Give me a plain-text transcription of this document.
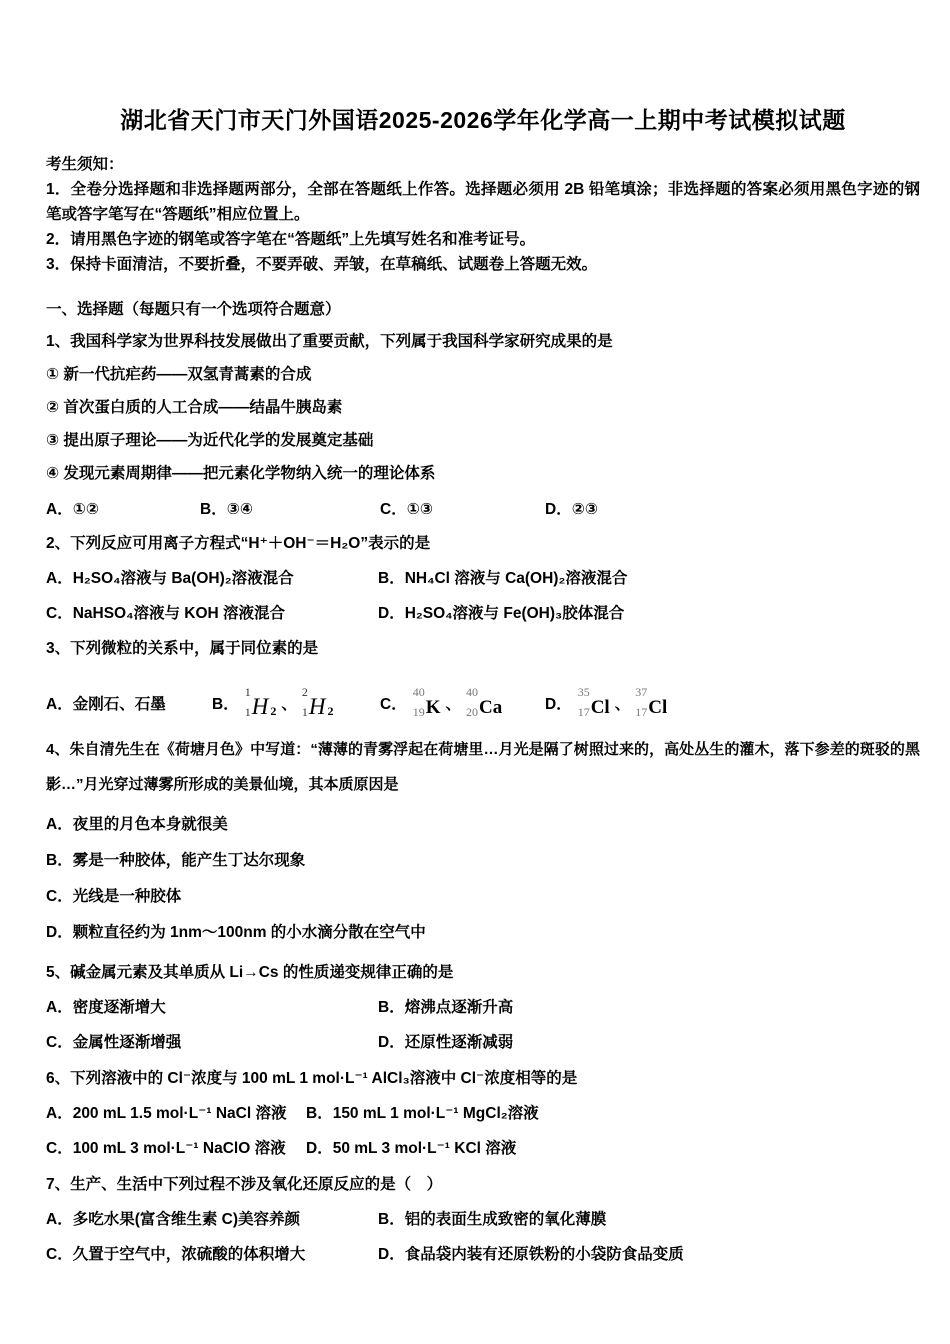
湖北省天门市天门外国语2025-2026学年化学高一上期中考试模拟试题
考生须知：
1．全卷分选择题和非选择题两部分，全部在答题纸上作答。选择题必须用 2B 铅笔填涂；非选择题的答案必须用黑色字迹的钢笔或答字笔写在“答题纸”相应位置上。
2．请用黑色字迹的钢笔或答字笔在“答题纸”上先填写姓名和准考证号。
3．保持卡面清洁，不要折叠，不要弄破、弄皱，在草稿纸、试题卷上答题无效。
一、选择题（每题只有一个选项符合题意）
1、我国科学家为世界科技发展做出了重要贡献，下列属于我国科学家研究成果的是
① 新一代抗疟药——双氢青蒿素的合成
② 首次蛋白质的人工合成——结晶牛胰岛素
③ 提出原子理论——为近代化学的发展奠定基础
④ 发现元素周期律——把元素化学物纳入统一的理论体系
A．①②	B．③④	C．①③	D．②③
2、下列反应可用离子方程式“H⁺＋OH⁻＝H₂O”表示的是
A．H₂SO₄溶液与 Ba(OH)₂溶液混合	B．NH₄Cl 溶液与 Ca(OH)₂溶液混合
C．NaHSO₄溶液与 KOH 溶液混合	D．H₂SO₄溶液与 Fe(OH)₃胶体混合
3、下列微粒的关系中，属于同位素的是
A．金刚石、石墨	B．
1
1 H 2 、
2
1 H 2	C．
40
19 K 、
40
20 Ca	D．
35
17 Cl 、
37
17 Cl
4、朱自清先生在《荷塘月色》中写道：“薄薄的青雾浮起在荷塘里…月光是隔了树照过来的，高处丛生的灌木，落下参差的斑驳的黑影…”月光穿过薄雾所形成的美景仙境，其本质原因是
A．夜里的月色本身就很美
B．雾是一种胶体，能产生丁达尔现象
C．光线是一种胶体
D．颗粒直径约为 1nm～100nm 的小水滴分散在空气中
5、碱金属元素及其单质从 Li→Cs 的性质递变规律正确的是
A．密度逐渐增大	B．熔沸点逐渐升高
C．金属性逐渐增强	D．还原性逐渐减弱
6、下列溶液中的 Cl⁻浓度与 100 mL 1 mol·L⁻¹ AlCl₃溶液中 Cl⁻浓度相等的是
A．200 mL 1.5 mol·L⁻¹ NaCl 溶液	B．150 mL 1 mol·L⁻¹ MgCl₂溶液
C．100 mL 3 mol·L⁻¹ NaClO 溶液	D．50 mL 3 mol·L⁻¹ KCl 溶液
7、生产、生活中下列过程不涉及氧化还原反应的是（　）
A．多吃水果(富含维生素 C)美容养颜	B．铝的表面生成致密的氧化薄膜
C．久置于空气中，浓硫酸的体积增大	D．食品袋内装有还原铁粉的小袋防食品变质
